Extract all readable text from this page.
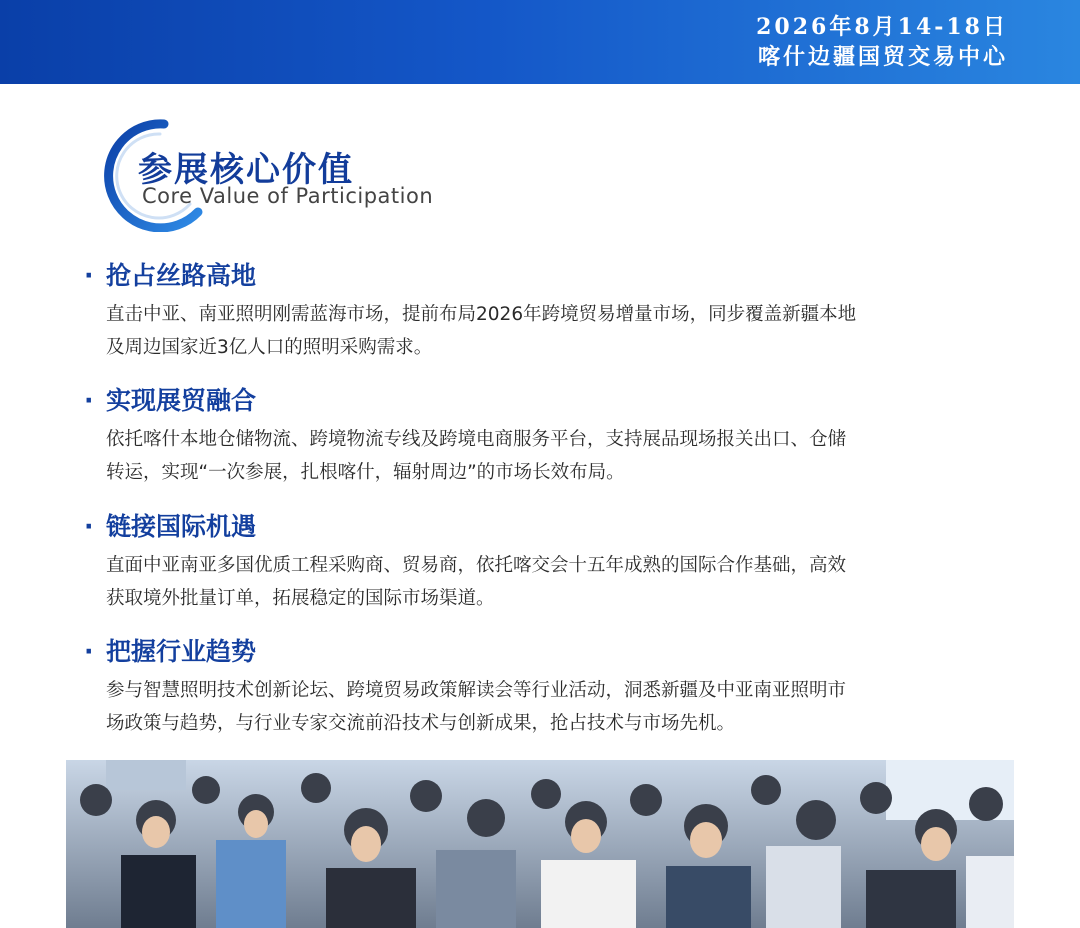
2026年8月14-18日
喀什边疆国贸交易中心
参展核心价值
Core Value of Participation
· 抢占丝路高地
直击中亚、南亚照明刚需蓝海市场，提前布局2026年跨境贸易增量市场，同步覆盖新疆本地
及周边国家近3亿人口的照明采购需求。
· 实现展贸融合
依托喀什本地仓储物流、跨境物流专线及跨境电商服务平台，支持展品现场报关出口、仓储
转运，实现“一次参展，扎根喀什，辐射周边”的市场长效布局。
· 链接国际机遇
直面中亚南亚多国优质工程采购商、贸易商，依托喀交会十五年成熟的国际合作基础，高效
获取境外批量订单，拓展稳定的国际市场渠道。
· 把握行业趋势
参与智慧照明技术创新论坛、跨境贸易政策解读会等行业活动，洞悉新疆及中亚南亚照明市
场政策与趋势，与行业专家交流前沿技术与创新成果，抢占技术与市场先机。
